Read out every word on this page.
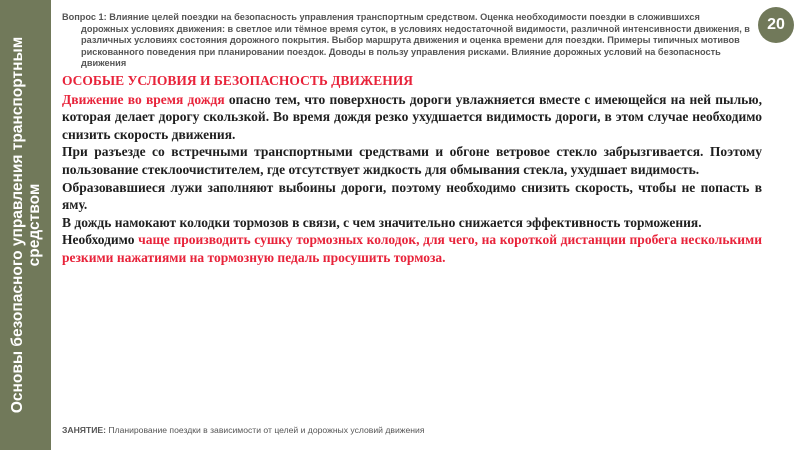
Основы безопасного управления транспортным средством
Вопрос 1: Влияние целей поездки на безопасность управления транспортным средством. Оценка необходимости поездки в сложившихся
дорожных условиях движения: в светлое или тёмное время суток, в условиях недостаточной видимости, различной интенсивности движения, в различных условиях состояния дорожного покрытия. Выбор маршрута движения и оценка времени для поездки. Примеры типичных мотивов рискованного поведения при планировании поездок. Доводы в пользу управления рисками. Влияние дорожных условий на безопасность движения
20
ОСОБЫЕ УСЛОВИЯ И БЕЗОПАСНОСТЬ ДВИЖЕНИЯ

Движение во время дождя опасно тем, что поверхность дороги увлажняется вместе с имеющейся на ней пылью, которая делает дорогу скользкой. Во время дождя резко ухудшается видимость дороги, в этом случае необходимо снизить скорость движения.

При разъезде со встречными транспортными средствами и обгоне ветровое стекло забрызгивается. Поэтому пользование стеклоочистителем, где отсутствует жидкость для обмывания стекла, ухудшает видимость.

Образовавшиеся лужи заполняют выбоины дороги, поэтому необходимо снизить скорость, чтобы не попасть в яму.

В дождь намокают колодки тормозов в связи, с чем значительно снижается эффективность торможения.

Необходимо чаще производить сушку тормозных колодок, для чего, на короткой дистанции пробега несколькими резкими нажатиями на тормозную педаль просушить тормоза.

ЗАНЯТИЕ: Планирование поездки в зависимости от целей и дорожных условий движения
